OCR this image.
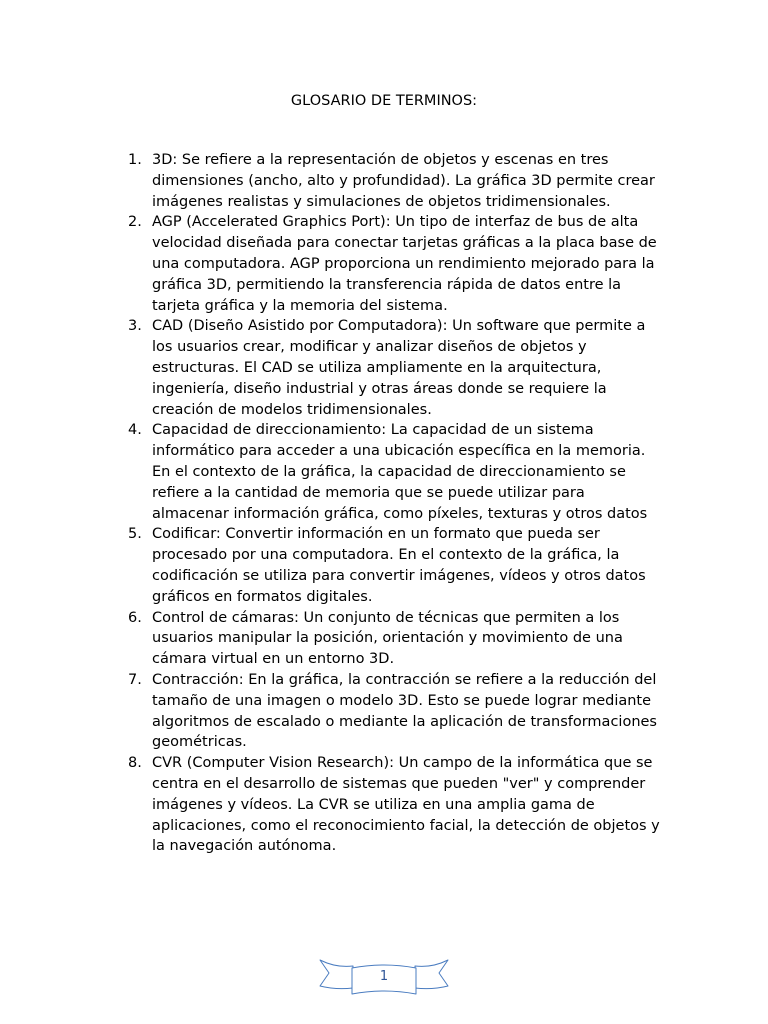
GLOSARIO DE TERMINOS:
1. 3D: Se refiere a la representación de objetos y escenas en tres dimensiones (ancho, alto y profundidad). La gráfica 3D permite crear imágenes realistas y simulaciones de objetos tridimensionales.
2. AGP (Accelerated Graphics Port): Un tipo de interfaz de bus de alta velocidad diseñada para conectar tarjetas gráficas a la placa base de una computadora. AGP proporciona un rendimiento mejorado para la gráfica 3D, permitiendo la transferencia rápida de datos entre la tarjeta gráfica y la memoria del sistema.
3. CAD (Diseño Asistido por Computadora): Un software que permite a los usuarios crear, modificar y analizar diseños de objetos y estructuras. El CAD se utiliza ampliamente en la arquitectura, ingeniería, diseño industrial y otras áreas donde se requiere la creación de modelos tridimensionales.
4. Capacidad de direccionamiento: La capacidad de un sistema informático para acceder a una ubicación específica en la memoria. En el contexto de la gráfica, la capacidad de direccionamiento se refiere a la cantidad de memoria que se puede utilizar para almacenar información gráfica, como píxeles, texturas y otros datos
5. Codificar: Convertir información en un formato que pueda ser procesado por una computadora. En el contexto de la gráfica, la codificación se utiliza para convertir imágenes, vídeos y otros datos gráficos en formatos digitales.
6. Control de cámaras: Un conjunto de técnicas que permiten a los usuarios manipular la posición, orientación y movimiento de una cámara virtual en un entorno 3D.
7. Contracción: En la gráfica, la contracción se refiere a la reducción del tamaño de una imagen o modelo 3D. Esto se puede lograr mediante algoritmos de escalado o mediante la aplicación de transformaciones geométricas.
8. CVR (Computer Vision Research): Un campo de la informática que se centra en el desarrollo de sistemas que pueden "ver" y comprender imágenes y vídeos. La CVR se utiliza en una amplia gama de aplicaciones, como el reconocimiento facial, la detección de objetos y la navegación autónoma.
1
